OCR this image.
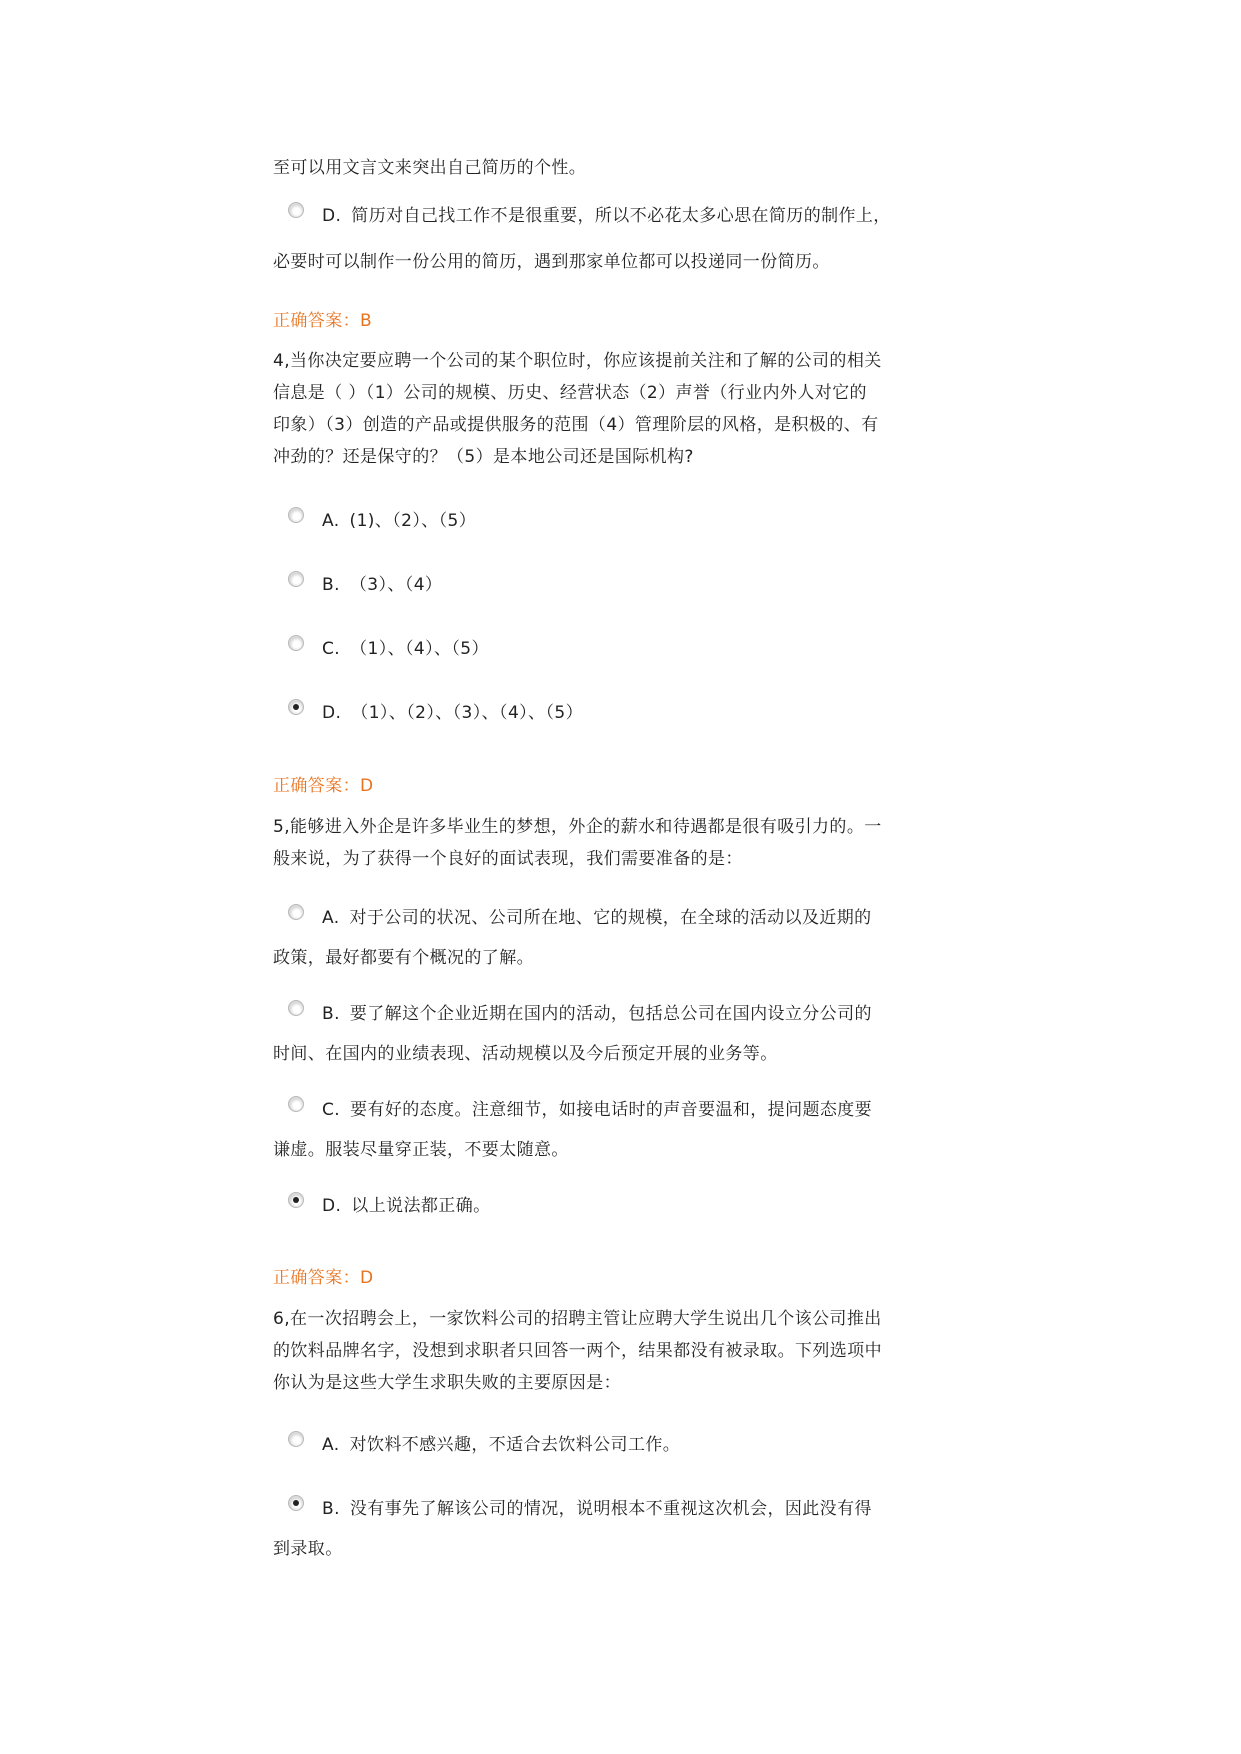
至可以用文言文来突出自己简历的个性。
D. 简历对自己找工作不是很重要，所以不必花太多心思在简历的制作上，
必要时可以制作一份公用的简历，遇到那家单位都可以投递同一份简历。
正确答案：B
4,当你决定要应聘一个公司的某个职位时，你应该提前关注和了解的公司的相关
信息是（ ）（1）公司的规模、历史、经营状态（2）声誉（行业内外人对它的
印象）（3）创造的产品或提供服务的范围（4）管理阶层的风格，是积极的、有
冲劲的？还是保守的？（5）是本地公司还是国际机构?
A. (1)、（2）、（5）
B. （3）、（4）
C. （1）、（4）、（5）
D. （1）、（2）、（3）、（4）、（5）
正确答案：D
5,能够进入外企是许多毕业生的梦想，外企的薪水和待遇都是很有吸引力的。一
般来说，为了获得一个良好的面试表现，我们需要准备的是：
A. 对于公司的状况、公司所在地、它的规模，在全球的活动以及近期的
政策，最好都要有个概况的了解。
B. 要了解这个企业近期在国内的活动，包括总公司在国内设立分公司的
时间、在国内的业绩表现、活动规模以及今后预定开展的业务等。
C. 要有好的态度。注意细节，如接电话时的声音要温和，提问题态度要
谦虚。服装尽量穿正装，不要太随意。
D. 以上说法都正确。
正确答案：D
6,在一次招聘会上，一家饮料公司的招聘主管让应聘大学生说出几个该公司推出
的饮料品牌名字，没想到求职者只回答一两个，结果都没有被录取。下列选项中
你认为是这些大学生求职失败的主要原因是：
A. 对饮料不感兴趣，不适合去饮料公司工作。
B. 没有事先了解该公司的情况，说明根本不重视这次机会，因此没有得
到录取。
